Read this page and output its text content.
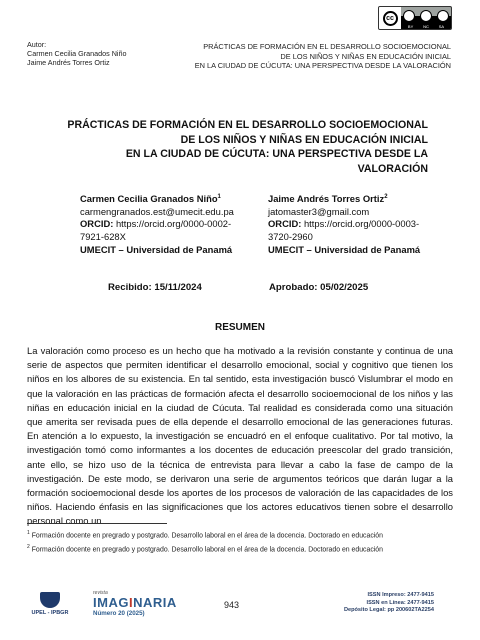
cc
BY NC SA
Autor:
Carmen Cecilia Granados Niño
Jaime Andrés Torres Ortiz
PRÁCTICAS DE FORMACIÓN EN EL DESARROLLO SOCIOEMOCIONAL
DE LOS NIÑOS Y NIÑAS EN EDUCACIÓN INICIAL
EN LA CIUDAD DE CÚCUTA: UNA PERSPECTIVA DESDE LA VALORACIÓN
PRÁCTICAS DE FORMACIÓN EN EL DESARROLLO SOCIOEMOCIONAL
DE LOS NIÑOS Y NIÑAS EN EDUCACIÓN INICIAL
EN LA CIUDAD DE CÚCUTA: UNA PERSPECTIVA DESDE LA VALORACIÓN
Carmen Cecilia Granados Niño$^1$
carmengranados.est@umecit.edu.pa
ORCID: https://orcid.org/0000-0002-7921-628X
UMECIT – Universidad de Panamá
Jaime Andrés Torres Ortiz$^2$
jatomaster3@gmail.com
ORCID: https://orcid.org/0000-0003-3720-2960
UMECIT – Universidad de Panamá
Recibido: 15/11/2024	Aprobado: 05/02/2025
RESUMEN

La valoración como proceso es un hecho que ha motivado a la revisión constante y continua de una serie de aspectos que permiten identificar el desarrollo emocional, social y cognitivo que tienen los niños en los albores de su existencia. En tal sentido, esta investigación buscó Vislumbrar el modo en que la valoración en las prácticas de formación afecta el desarrollo socioemocional de los niños y las niñas en educación inicial en la ciudad de Cúcuta. Tal realidad es considerada como una situación que amerita ser revisada pues de ella depende el desarrollo emocional de las generaciones futuras. En atención a lo expuesto, la investigación se encuadró en el enfoque cualitativo. Por tal motivo, la investigación tomó como informantes a los docentes de educación preescolar del grado transición, ante ello, se hizo uso de la técnica de entrevista para llevar a cabo la fase de campo de la investigación. De este modo, se derivaron una serie de argumentos teóricos que darán lugar a la formación socioemocional desde los aportes de los procesos de valoración de las capacidades de los niños. Haciendo énfasis en las significaciones que los actores educativos tienen sobre el desarrollo personal como un

$^1$ Formación docente en pregrado y postgrado. Desarrollo laboral en el área de la docencia. Doctorado en educación

$^2$ Formación docente en pregrado y postgrado. Desarrollo laboral en el área de la docencia. Doctorado en educación

UPEL - IPBGR
revista
IMAGINARIA
Número 20 (2025)
943
ISSN Impreso: 2477-9415
ISSN en Línea: 2477-9415
Depósito Legal: pp 200602TA2254
